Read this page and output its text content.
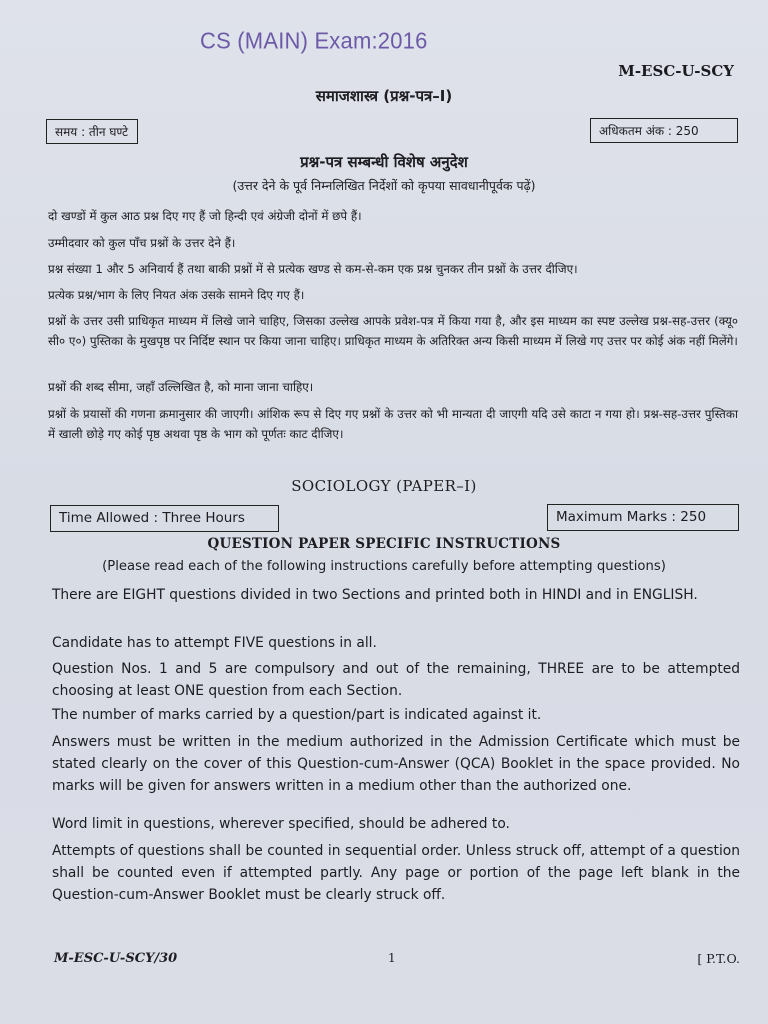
CS (MAIN) Exam:2016
M-ESC-U-SCY
समाजशास्त्र (प्रश्न-पत्र–I)
समय : तीन घण्टे	अधिकतम अंक : 250
प्रश्न-पत्र सम्बन्धी विशेष अनुदेश
(उत्तर देने के पूर्व निम्नलिखित निर्देशों को कृपया सावधानीपूर्वक पढ़ें)
दो खण्डों में कुल आठ प्रश्न दिए गए हैं जो हिन्दी एवं अंग्रेजी दोनों में छपे हैं।
उम्मीदवार को कुल पाँच प्रश्नों के उत्तर देने हैं।
प्रश्न संख्या 1 और 5 अनिवार्य हैं तथा बाकी प्रश्नों में से प्रत्येक खण्ड से कम-से-कम एक प्रश्न चुनकर तीन प्रश्नों के उत्तर दीजिए।
प्रत्येक प्रश्न/भाग के लिए नियत अंक उसके सामने दिए गए हैं।
प्रश्नों के उत्तर उसी प्राधिकृत माध्यम में लिखे जाने चाहिए, जिसका उल्लेख आपके प्रवेश-पत्र में किया गया है, और इस माध्यम का स्पष्ट उल्लेख प्रश्न-सह-उत्तर (क्यू० सी० ए०) पुस्तिका के मुखपृष्ठ पर निर्दिष्ट स्थान पर किया जाना चाहिए। प्राधिकृत माध्यम के अतिरिक्त अन्य किसी माध्यम में लिखे गए उत्तर पर कोई अंक नहीं मिलेंगे।
प्रश्नों की शब्द सीमा, जहाँ उल्लिखित है, को माना जाना चाहिए।
प्रश्नों के प्रयासों की गणना क्रमानुसार की जाएगी। आंशिक रूप से दिए गए प्रश्नों के उत्तर को भी मान्यता दी जाएगी यदि उसे काटा न गया हो। प्रश्न-सह-उत्तर पुस्तिका में खाली छोड़े गए कोई पृष्ठ अथवा पृष्ठ के भाग को पूर्णतः काट दीजिए।
SOCIOLOGY (PAPER–I)
Time Allowed : Three Hours	Maximum Marks : 250
QUESTION PAPER SPECIFIC INSTRUCTIONS
(Please read each of the following instructions carefully before attempting questions)
There are EIGHT questions divided in two Sections and printed both in HINDI and in ENGLISH.
Candidate has to attempt FIVE questions in all.
Question Nos. 1 and 5 are compulsory and out of the remaining, THREE are to be attempted choosing at least ONE question from each Section.
The number of marks carried by a question/part is indicated against it.
Answers must be written in the medium authorized in the Admission Certificate which must be stated clearly on the cover of this Question-cum-Answer (QCA) Booklet in the space provided. No marks will be given for answers written in a medium other than the authorized one.
Word limit in questions, wherever specified, should be adhered to.
Attempts of questions shall be counted in sequential order. Unless struck off, attempt of a question shall be counted even if attempted partly. Any page or portion of the page left blank in the Question-cum-Answer Booklet must be clearly struck off.
M-ESC-U-SCY/30	1	[ P.T.O.
